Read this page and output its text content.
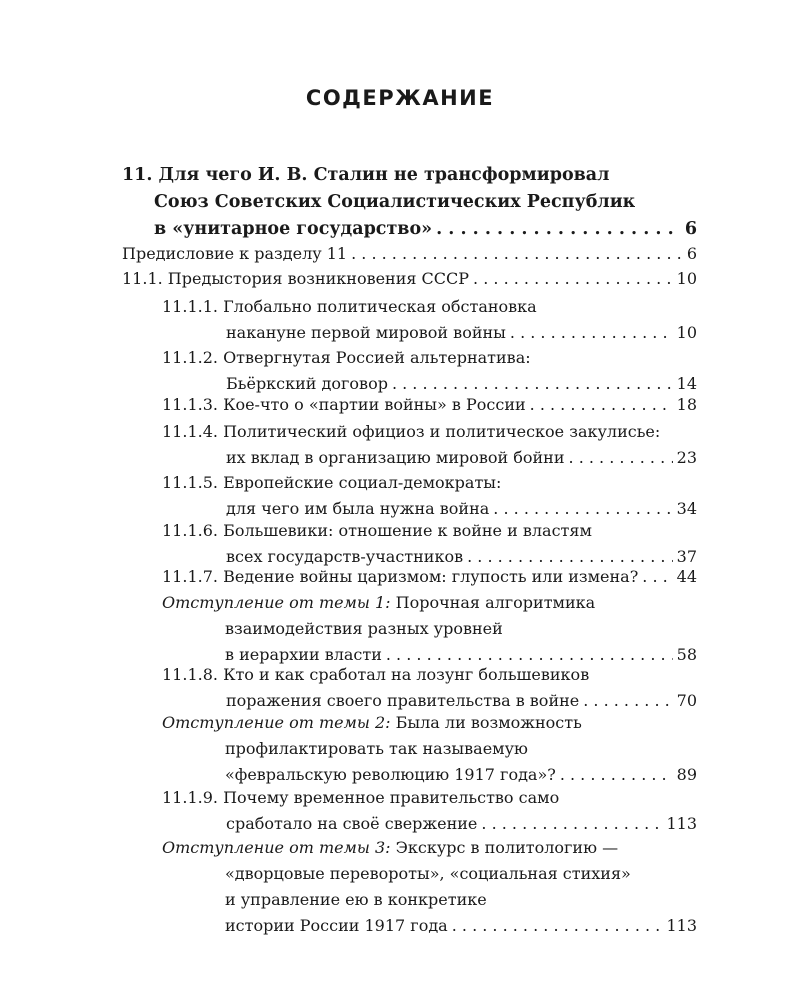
СОДЕРЖАНИЕ
11. Для чего И. В. Сталин не трансформировал
Союз Советских Социалистических Республик
в «унитарное государство» . . .	6
Предисловие к разделу 11 . . .	6
11.1. Предыстория возникновения СССР . . .	10
11.1.1. Глобально политическая обстановка
накануне первой мировой войны . . .	10
11.1.2. Отвергнутая Россией альтернатива:
Бьёркский договор . . .	14
11.1.3. Кое-что о «партии войны» в России . . .	18
11.1.4. Политический официоз и политическое закулисье:
их вклад в организацию мировой бойни . . .	23
11.1.5. Европейские социал-демократы:
для чего им была нужна война . . .	34
11.1.6. Большевики: отношение к войне и властям
всех государств-участников . . .	37
11.1.7. Ведение войны царизмом: глупость или измена? . . . 44
Отступление от темы 1: Порочная алгоритмика
взаимодействия разных уровней
в иерархии власти . . .	58
11.1.8. Кто и как сработал на лозунг большевиков
поражения своего правительства в войне . . .	70
Отступление от темы 2: Была ли возможность
профилактировать так называемую
«февральскую революцию 1917 года»? . . .	89
11.1.9. Почему временное правительство само
сработало на своё свержение . . .	113
Отступление от темы 3: Экскурс в политологию —
«дворцовые перевороты», «социальная стихия»
и управление ею в конкретике
истории России 1917 года . . .	113
